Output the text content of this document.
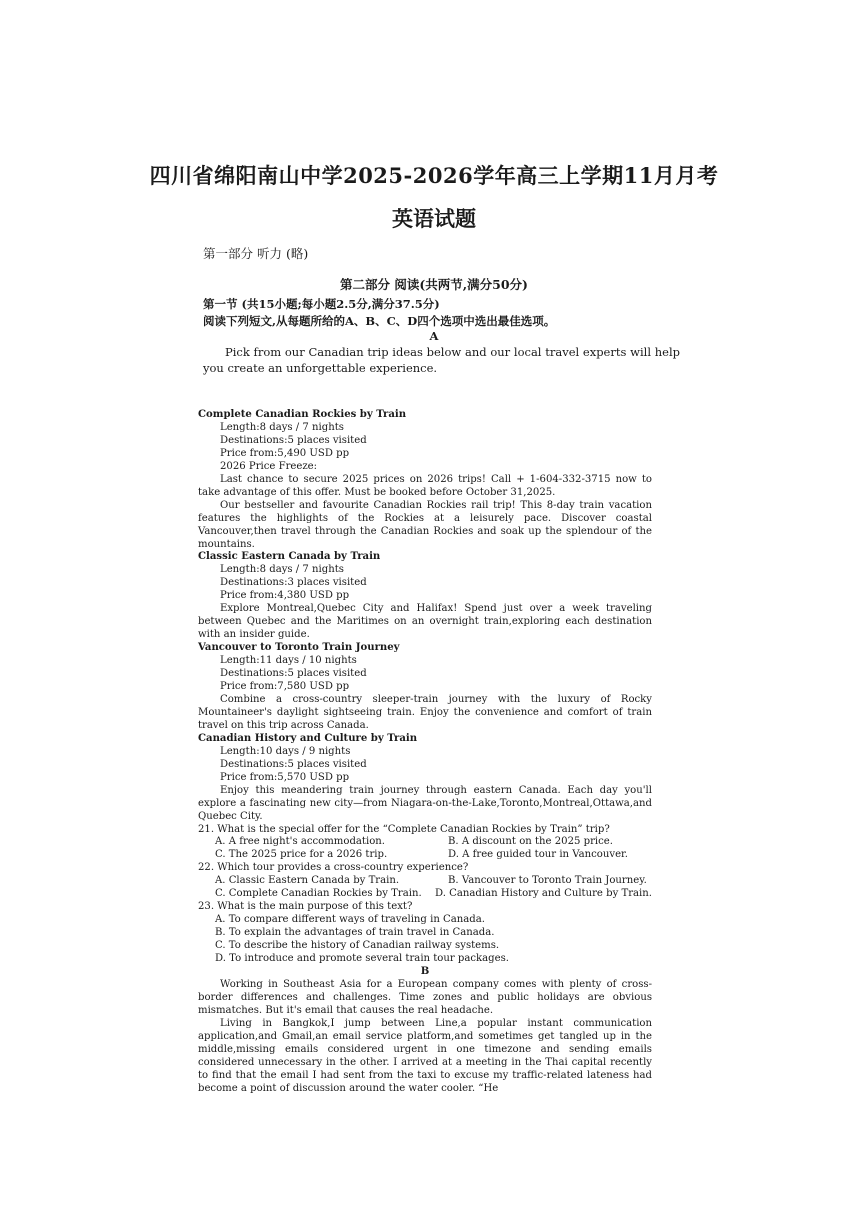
四川省绵阳南山中学2025-2026学年高三上学期11月月考
英语试题
第一部分 听力 (略)
第二部分 阅读(共两节,满分50分)
第一节 (共15小题;每小题2.5分,满分37.5分)
阅读下列短文,从每题所给的A、B、C、D四个选项中选出最佳选项。
A
Pick from our Canadian trip ideas below and our local travel experts will help you create an unforgettable experience.
Complete Canadian Rockies by Train
Length:8 days / 7 nights
Destinations:5 places visited
Price from:5,490 USD pp
2026 Price Freeze:
Last chance to secure 2025 prices on 2026 trips! Call + 1-604-332-3715 now to take advantage of this offer. Must be booked before October 31,2025.
Our bestseller and favourite Canadian Rockies rail trip! This 8-day train vacation features the highlights of the Rockies at a leisurely pace. Discover coastal Vancouver,then travel through the Canadian Rockies and soak up the splendour of the mountains.
Classic Eastern Canada by Train
Length:8 days / 7 nights
Destinations:3 places visited
Price from:4,380 USD pp
Explore Montreal,Quebec City and Halifax! Spend just over a week traveling between Quebec and the Maritimes on an overnight train,exploring each destination with an insider guide.
Vancouver to Toronto Train Journey
Length:11 days / 10 nights
Destinations:5 places visited
Price from:7,580 USD pp
Combine a cross-country sleeper-train journey with the luxury of Rocky Mountaineer's daylight sightseeing train. Enjoy the convenience and comfort of train travel on this trip across Canada.
Canadian History and Culture by Train
Length:10 days / 9 nights
Destinations:5 places visited
Price from:5,570 USD pp
Enjoy this meandering train journey through eastern Canada. Each day you'll explore a fascinating new city—from Niagara-on-the-Lake,Toronto,Montreal,Ottawa,and Quebec City.
21. What is the special offer for the “Complete Canadian Rockies by Train” trip?
A. A free night's accommodation.	B. A discount on the 2025 price.
C. The 2025 price for a 2026 trip.	D. A free guided tour in Vancouver.
22. Which tour provides a cross-country experience?
A. Classic Eastern Canada by Train.	B. Vancouver to Toronto Train Journey.
C. Complete Canadian Rockies by Train.	D. Canadian History and Culture by Train.
23. What is the main purpose of this text?
A. To compare different ways of traveling in Canada.
B. To explain the advantages of train travel in Canada.
C. To describe the history of Canadian railway systems.
D. To introduce and promote several train tour packages.
B
Working in Southeast Asia for a European company comes with plenty of cross-border differences and challenges. Time zones and public holidays are obvious mismatches. But it's email that causes the real headache.
Living in Bangkok,I jump between Line,a popular instant communication application,and Gmail,an email service platform,and sometimes get tangled up in the middle,missing emails considered urgent in one timezone and sending emails considered unnecessary in the other. I arrived at a meeting in the Thai capital recently to find that the email I had sent from the taxi to excuse my traffic-related lateness had become a point of discussion around the water cooler. “He
